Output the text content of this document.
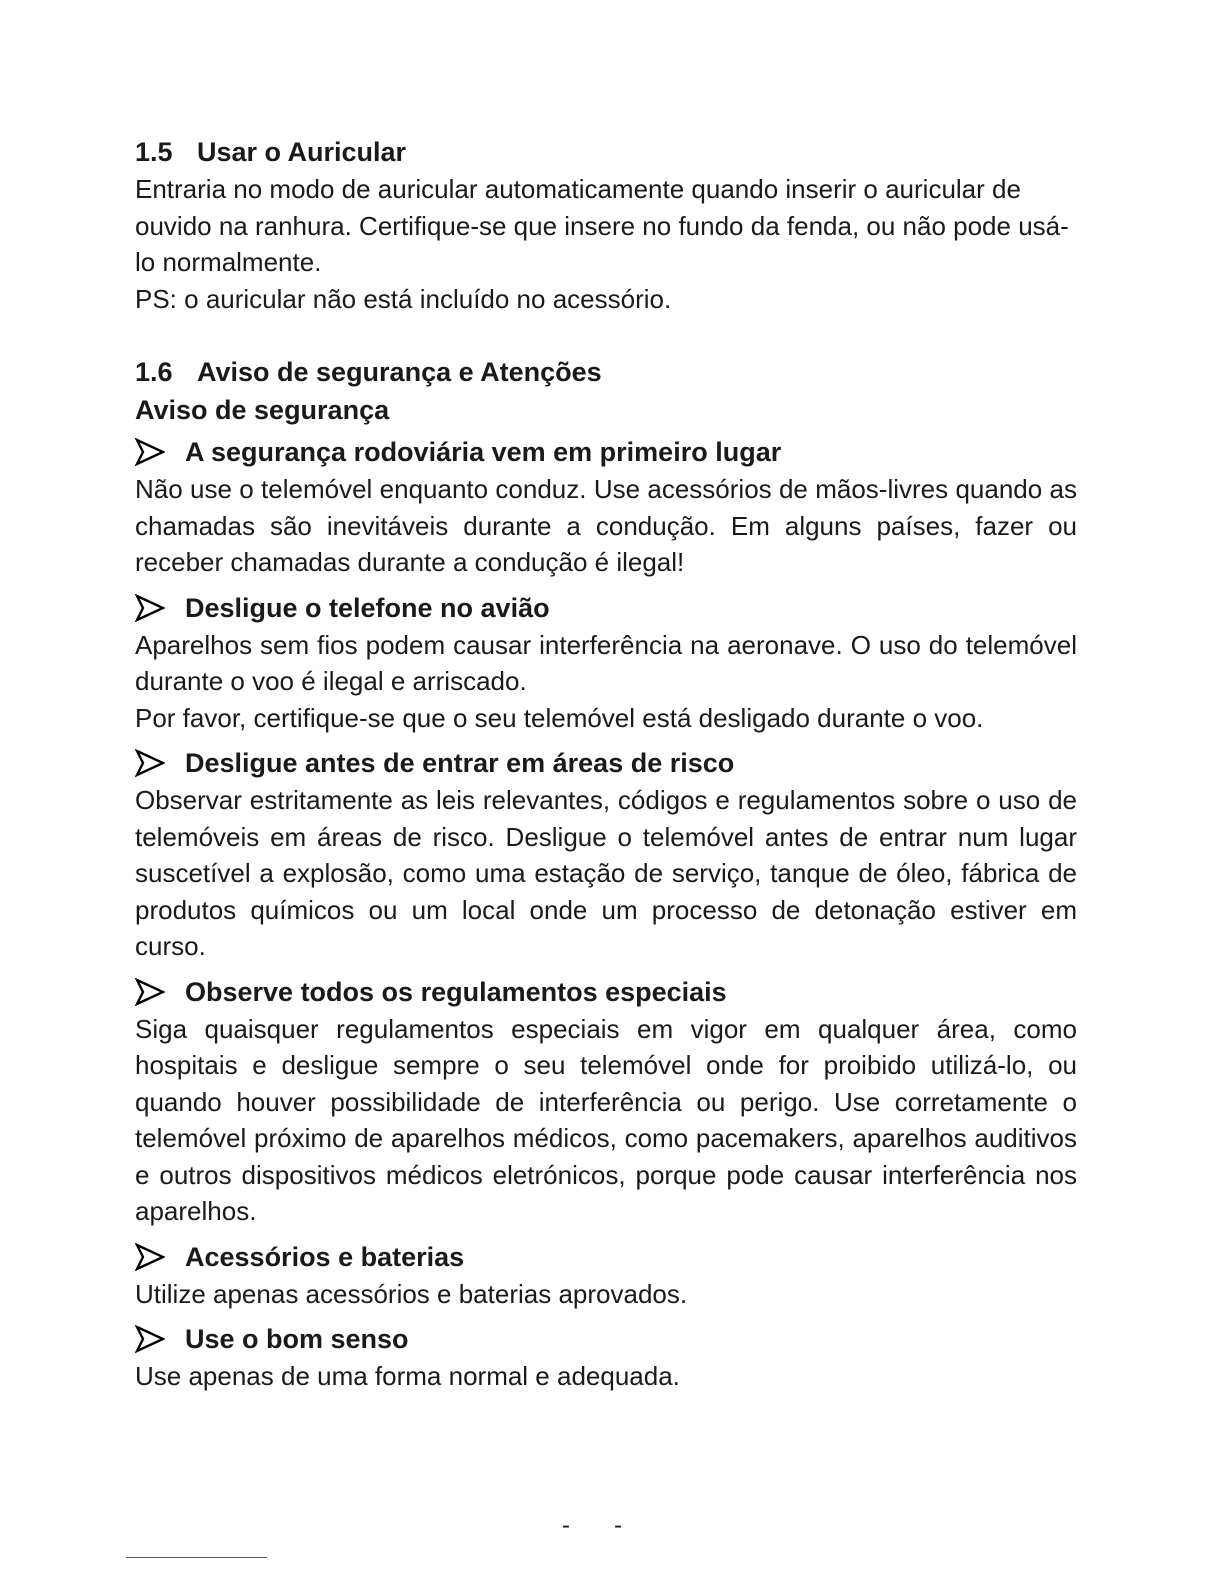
1.5 Usar o Auricular

Entraria no modo de auricular automaticamente quando inserir o auricular de ouvido na ranhura. Certifique-se que insere no fundo da fenda, ou não pode usá-lo normalmente.

PS: o auricular não está incluído no acessório.

1.6 Aviso de segurança e Atenções
Aviso de segurança
A segurança rodoviária vem em primeiro lugar

Não use o telemóvel enquanto conduz. Use acessórios de mãos-livres quando as chamadas são inevitáveis durante a condução. Em alguns países, fazer ou receber chamadas durante a condução é ilegal!

Desligue o telefone no avião

Aparelhos sem fios podem causar interferência na aeronave. O uso do telemóvel durante o voo é ilegal e arriscado.

Por favor, certifique-se que o seu telemóvel está desligado durante o voo.

Desligue antes de entrar em áreas de risco

Observar estritamente as leis relevantes, códigos e regulamentos sobre o uso de telemóveis em áreas de risco. Desligue o telemóvel antes de entrar num lugar suscetível a explosão, como uma estação de serviço, tanque de óleo, fábrica de produtos químicos ou um local onde um processo de detonação estiver em curso.

Observe todos os regulamentos especiais

Siga quaisquer regulamentos especiais em vigor em qualquer área, como hospitais e desligue sempre o seu telemóvel onde for proibido utilizá-lo, ou quando houver possibilidade de interferência ou perigo. Use corretamente o telemóvel próximo de aparelhos médicos, como pacemakers, aparelhos auditivos e outros dispositivos médicos eletrónicos, porque pode causar interferência nos aparelhos.

Acessórios e baterias

Utilize apenas acessórios e baterias aprovados.

Use o bom senso

Use apenas de uma forma normal e adequada.

- -
